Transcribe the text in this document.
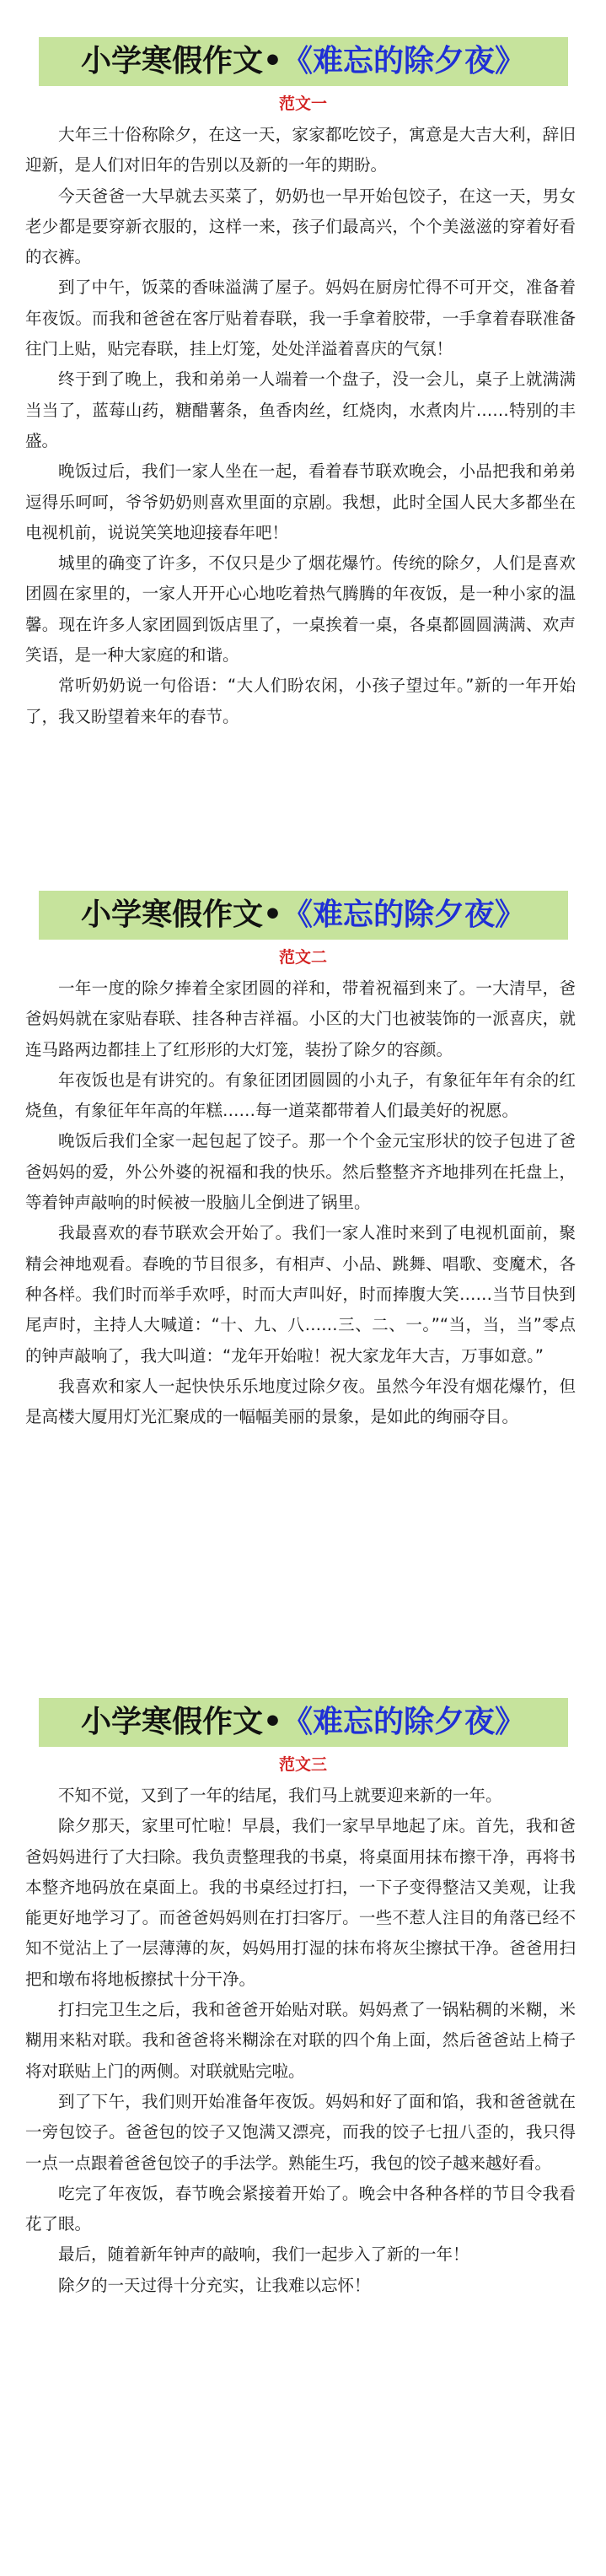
小学寒假作文•《难忘的除夕夜》
范文一

大年三十俗称除夕，在这一天，家家都吃饺子，寓意是大吉大利，辞旧迎新，是人们对旧年的告别以及新的一年的期盼。

今天爸爸一大早就去买菜了，奶奶也一早开始包饺子，在这一天，男女老少都是要穿新衣服的，这样一来，孩子们最高兴，个个美滋滋的穿着好看的衣裤。

到了中午，饭菜的香味溢满了屋子。妈妈在厨房忙得不可开交，准备着年夜饭。而我和爸爸在客厅贴着春联，我一手拿着胶带，一手拿着春联准备往门上贴，贴完春联，挂上灯笼，处处洋溢着喜庆的气氛！

终于到了晚上，我和弟弟一人端着一个盘子，没一会儿，桌子上就满满当当了，蓝莓山药，糖醋薯条，鱼香肉丝，红烧肉，水煮肉片……特别的丰盛。

晚饭过后，我们一家人坐在一起，看着春节联欢晚会，小品把我和弟弟逗得乐呵呵，爷爷奶奶则喜欢里面的京剧。我想，此时全国人民大多都坐在电视机前，说说笑笑地迎接春年吧！

城里的确变了许多，不仅只是少了烟花爆竹。传统的除夕，人们是喜欢团圆在家里的，一家人开开心心地吃着热气腾腾的年夜饭，是一种小家的温馨。现在许多人家团圆到饭店里了，一桌挨着一桌，各桌都圆圆满满、欢声笑语，是一种大家庭的和谐。

常听奶奶说一句俗语：“大人们盼农闲，小孩子望过年。”新的一年开始了，我又盼望着来年的春节。

小学寒假作文•《难忘的除夕夜》
范文二

一年一度的除夕捧着全家团圆的祥和，带着祝福到来了。一大清早，爸爸妈妈就在家贴春联、挂各种吉祥福。小区的大门也被装饰的一派喜庆，就连马路两边都挂上了红形形的大灯笼，装扮了除夕的容颜。

年夜饭也是有讲究的。有象征团团圆圆的小丸子，有象征年年有余的红烧鱼，有象征年年高的年糕……每一道菜都带着人们最美好的祝愿。

晚饭后我们全家一起包起了饺子。那一个个金元宝形状的饺子包进了爸爸妈妈的爱，外公外婆的祝福和我的快乐。然后整整齐齐地排列在托盘上，等着钟声敲响的时候被一股脑儿全倒进了锅里。

我最喜欢的春节联欢会开始了。我们一家人准时来到了电视机面前，聚精会神地观看。春晚的节目很多，有相声、小品、跳舞、唱歌、变魔术，各种各样。我们时而举手欢呼，时而大声叫好，时而捧腹大笑……当节目快到尾声时，主持人大喊道：“十、九、八……三、二、一。”“当，当，当”零点的钟声敲响了，我大叫道：“龙年开始啦！祝大家龙年大吉，万事如意。”

我喜欢和家人一起快快乐乐地度过除夕夜。虽然今年没有烟花爆竹，但是高楼大厦用灯光汇聚成的一幅幅美丽的景象，是如此的绚丽夺目。

小学寒假作文•《难忘的除夕夜》
范文三

不知不觉，又到了一年的结尾，我们马上就要迎来新的一年。

除夕那天，家里可忙啦！早晨，我们一家早早地起了床。首先，我和爸爸妈妈进行了大扫除。我负责整理我的书桌，将桌面用抹布擦干净，再将书本整齐地码放在桌面上。我的书桌经过打扫，一下子变得整洁又美观，让我能更好地学习了。而爸爸妈妈则在打扫客厅。一些不惹人注目的角落已经不知不觉沾上了一层薄薄的灰，妈妈用打湿的抹布将灰尘擦拭干净。爸爸用扫把和墩布将地板擦拭十分干净。

打扫完卫生之后，我和爸爸开始贴对联。妈妈煮了一锅粘稠的米糊，米糊用来粘对联。我和爸爸将米糊涂在对联的四个角上面，然后爸爸站上椅子将对联贴上门的两侧。对联就贴完啦。

到了下午，我们则开始准备年夜饭。妈妈和好了面和馅，我和爸爸就在一旁包饺子。爸爸包的饺子又饱满又漂亮，而我的饺子七扭八歪的，我只得一点一点跟着爸爸包饺子的手法学。熟能生巧，我包的饺子越来越好看。

吃完了年夜饭，春节晚会紧接着开始了。晚会中各种各样的节目令我看花了眼。

最后，随着新年钟声的敲响，我们一起步入了新的一年！

除夕的一天过得十分充实，让我难以忘怀！
